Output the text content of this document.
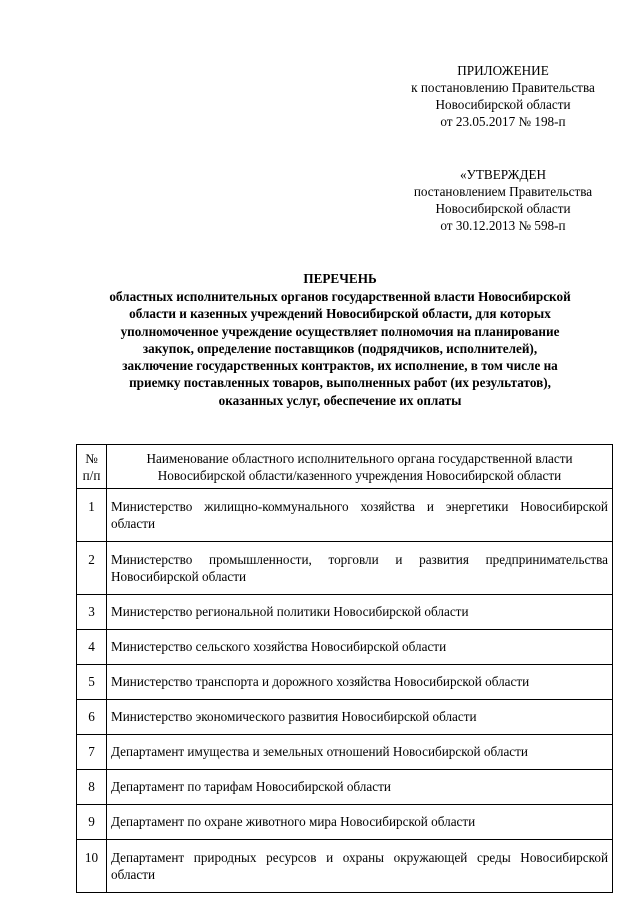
ПРИЛОЖЕНИЕ
к постановлению Правительства
Новосибирской области
от 23.05.2017 № 198-п
«УТВЕРЖДЕН
постановлением Правительства
Новосибирской области
от 30.12.2013 № 598-п
ПЕРЕЧЕНЬ
областных исполнительных органов государственной власти Новосибирской
области и казенных учреждений Новосибирской области, для которых
уполномоченное учреждение осуществляет полномочия на планирование
закупок, определение поставщиков (подрядчиков, исполнителей),
заключение государственных контрактов, их исполнение, в том числе на
приемку поставленных товаров, выполненных работ (их результатов),
оказанных услуг, обеспечение их оплаты
№ п/п	Наименование областного исполнительного органа государственной власти Новосибирской области/казенного учреждения Новосибирской области
1	Министерство жилищно-коммунального хозяйства и энергетики Новосибирской области
2	Министерство промышленности, торговли и развития предпринимательства Новосибирской области
3	Министерство региональной политики Новосибирской области
4	Министерство сельского хозяйства Новосибирской области
5	Министерство транспорта и дорожного хозяйства Новосибирской области
6	Министерство экономического развития Новосибирской области
7	Департамент имущества и земельных отношений Новосибирской области
8	Департамент по тарифам Новосибирской области
9	Департамент по охране животного мира Новосибирской области
10	Департамент природных ресурсов и охраны окружающей среды Новосибирской области
